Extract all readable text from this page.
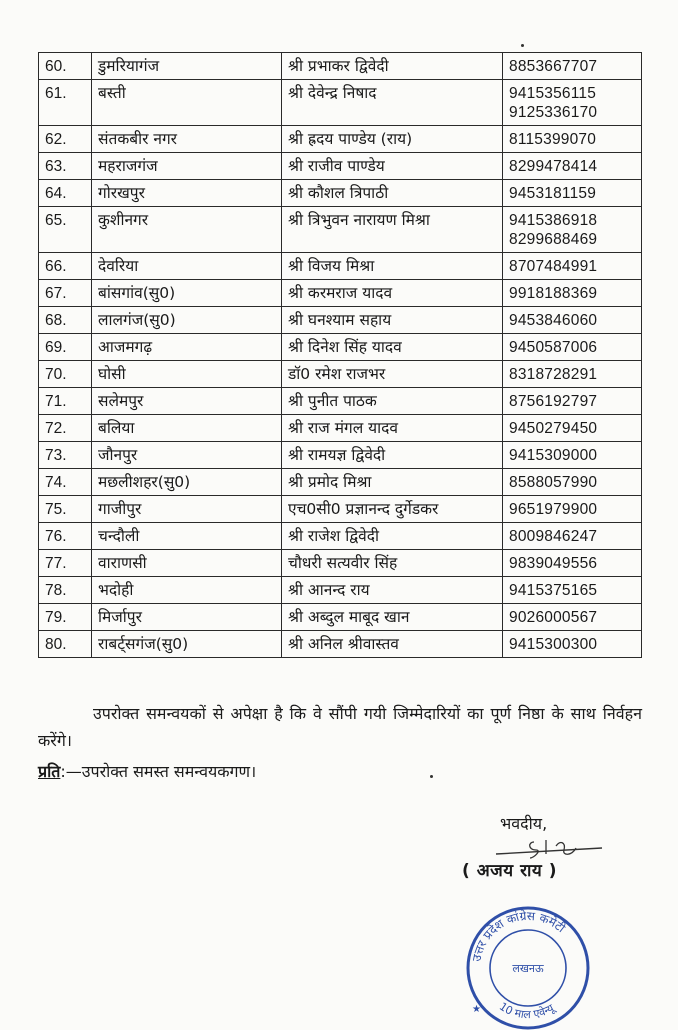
60.	डुमरियागंज	श्री प्रभाकर द्विवेदी	8853667707
61.	बस्ती	श्री देवेन्द्र निषाद	9415356115
9125336170

62.	संतकबीर नगर	श्री ह्रदय पाण्डेय (राय)	8115399070
63.	महराजगंज	श्री राजीव पाण्डेय	8299478414
64.	गोरखपुर	श्री कौशल त्रिपाठी	9453181159
65.	कुशीनगर	श्री त्रिभुवन नारायण मिश्रा	9415386918
8299688469

66.	देवरिया	श्री विजय मिश्रा	8707484991
67.	बांसगांव(सु0)	श्री करमराज यादव	9918188369
68.	लालगंज(सु0)	श्री घनश्याम सहाय	9453846060
69.	आजमगढ़	श्री दिनेश सिंह यादव	9450587006
70.	घोसी	डॉ0 रमेश राजभर	8318728291
71.	सलेमपुर	श्री पुनीत पाठक	8756192797
72.	बलिया	श्री राज मंगल यादव	9450279450
73.	जौनपुर	श्री रामयज्ञ द्विवेदी	9415309000
74.	मछलीशहर(सु0)	श्री प्रमोद मिश्रा	8588057990
75.	गाजीपुर	एच0सी0 प्रज्ञानन्द दुर्गेडकर	9651979900
76.	चन्दौली	श्री राजेश द्विवेदी	8009846247
77.	वाराणसी	चौधरी सत्यवीर सिंह	9839049556
78.	भदोही	श्री आनन्द राय	9415375165
79.	मिर्जापुर	श्री अब्दुल माबूद खान	9026000567
80.	राबर्ट्सगंज(सु0)	श्री अनिल श्रीवास्तव	9415300300
उपरोक्त समन्वयकों से अपेक्षा है कि वे सौंपी गयी जिम्मेदारियों का पूर्ण निष्ठा के साथ निर्वहन करेंगे।
प्रति:—उपरोक्त समस्त समन्वयकगण।
भवदीय,
( अजय राय )
उत्तर प्रदेश कांग्रेस कमेटी
लखनऊ
10 माल एवेन्यू
★
